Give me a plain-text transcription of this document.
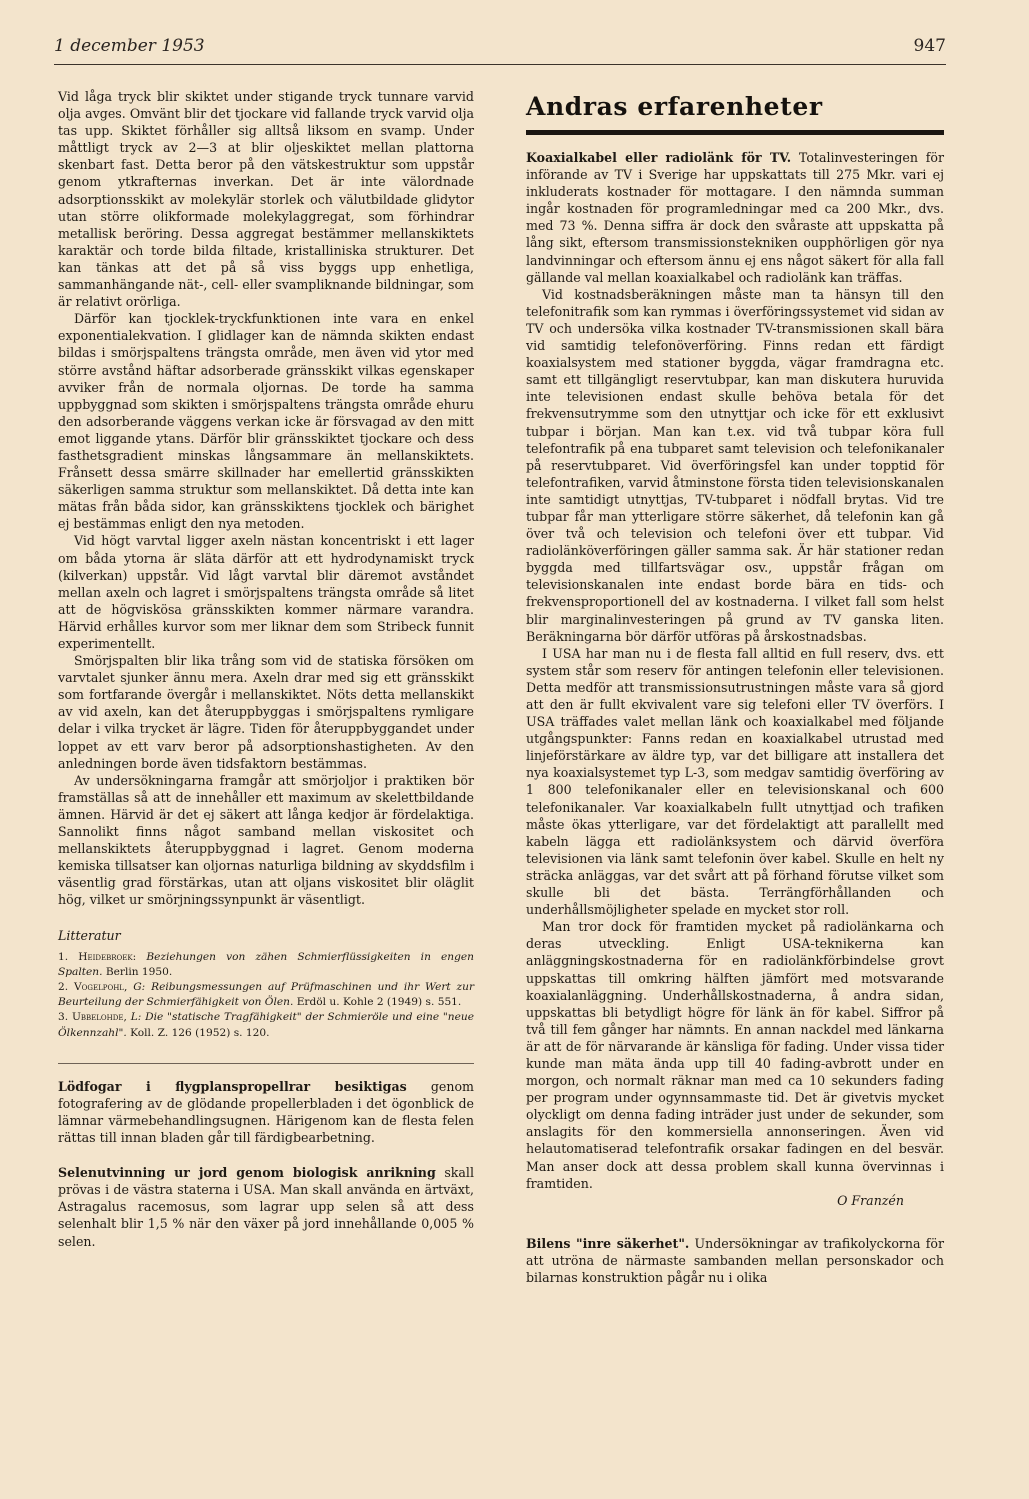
1 december 1953	947

Vid låga tryck blir skiktet under stigande tryck tunnare varvid olja avges. Omvänt blir det tjockare vid fallande tryck varvid olja tas upp. Skiktet förhåller sig alltså liksom en svamp. Under måttligt tryck av 2—3 at blir oljeskiktet mellan plattorna skenbart fast. Detta beror på den vätskestruktur som uppstår genom ytkrafternas inverkan. Det är inte välordnade adsorptionsskikt av molekylär storlek och välutbildade glidytor utan större olikformade molekylaggregat, som förhindrar metallisk beröring. Dessa aggregat bestämmer mellanskiktets karaktär och torde bilda filtade, kristalliniska strukturer. Det kan tänkas att det på så viss byggs upp enhetliga, sammanhängande nät-, cell- eller svampliknande bildningar, som är relativt orörliga.

Därför kan tjocklek-tryckfunktionen inte vara en enkel exponentialekvation. I glidlager kan de nämnda skikten endast bildas i smörjspaltens trängsta område, men även vid ytor med större avstånd häftar adsorberade gränsskikt vilkas egenskaper avviker från de normala oljornas. De torde ha samma uppbyggnad som skikten i smörjspaltens trängsta område ehuru den adsorberande väggens verkan icke är försvagad av den mitt emot liggande ytans. Därför blir gränsskiktet tjockare och dess fasthetsgradient minskas långsammare än mellanskiktets. Frånsett dessa smärre skillnader har emellertid gränsskikten säkerligen samma struktur som mellanskiktet. Då detta inte kan mätas från båda sidor, kan gränsskiktens tjocklek och bärighet ej bestämmas enligt den nya metoden.

Vid högt varvtal ligger axeln nästan koncentriskt i ett lager om båda ytorna är släta därför att ett hydrodynamiskt tryck (kilverkan) uppstår. Vid lågt varvtal blir däremot avståndet mellan axeln och lagret i smörjspaltens trängsta område så litet att de högviskösa gränsskikten kommer närmare varandra. Härvid erhålles kurvor som mer liknar dem som Stribeck funnit experimentellt.

Smörjspalten blir lika trång som vid de statiska försöken om varvtalet sjunker ännu mera. Axeln drar med sig ett gränsskikt som fortfarande övergår i mellanskiktet. Nöts detta mellanskikt av vid axeln, kan det återuppbyggas i smörjspaltens rymligare delar i vilka trycket är lägre. Tiden för återuppbyggandet under loppet av ett varv beror på adsorptionshastigheten. Av den anledningen borde även tidsfaktorn bestämmas.

Av undersökningarna framgår att smörjoljor i praktiken bör framställas så att de innehåller ett maximum av skelettbildande ämnen. Härvid är det ej säkert att långa kedjor är fördelaktiga. Sannolikt finns något samband mellan viskositet och mellanskiktets återuppbyggnad i lagret. Genom moderna kemiska tillsatser kan oljornas naturliga bildning av skyddsfilm i väsentlig grad förstärkas, utan att oljans viskositet blir oläglit hög, vilket ur smörjningssynpunkt är väsentligt.

Litteratur

1. Heidebroek: Beziehungen von zähen Schmierflüssigkeiten in engen Spalten. Berlin 1950.

2. Vogelpohl, G: Reibungsmessungen auf Prüfmaschinen und ihr Wert zur Beurteilung der Schmierfähigkeit von Ölen. Erdöl u. Kohle 2 (1949) s. 551.

3. Ubbelohde, L: Die "statische Tragfähigkeit" der Schmieröle und eine "neue Ölkennzahl". Koll. Z. 126 (1952) s. 120.

Lödfogar i flygplanspropellrar besiktigas genom fotografering av de glödande propellerbladen i det ögonblick de lämnar värmebehandlingsugnen. Härigenom kan de flesta felen rättas till innan bladen går till färdigbearbetning.

Selenutvinning ur jord genom biologisk anrikning skall prövas i de västra staterna i USA. Man skall använda en ärtväxt, Astragalus racemosus, som lagrar upp selen så att dess selenhalt blir 1,5 % när den växer på jord innehållande 0,005 % selen.

Andras erfarenheter

Koaxialkabel eller radiolänk för TV. Totalinvesteringen för införande av TV i Sverige har uppskattats till 275 Mkr. vari ej inkluderats kostnader för mottagare. I den nämnda summan ingår kostnaden för programledningar med ca 200 Mkr., dvs. med 73 %. Denna siffra är dock den svåraste att uppskatta på lång sikt, eftersom transmissionstekniken oupphörligen gör nya landvinningar och eftersom ännu ej ens något säkert för alla fall gällande val mellan koaxialkabel och radiolänk kan träffas.

Vid kostnadsberäkningen måste man ta hänsyn till den telefonitrafik som kan rymmas i överföringssystemet vid sidan av TV och undersöka vilka kostnader TV-transmissionen skall bära vid samtidig telefonöverföring. Finns redan ett färdigt koaxialsystem med stationer byggda, vägar framdragna etc. samt ett tillgängligt reservtubpar, kan man diskutera huruvida inte televisionen endast skulle behöva betala för det frekvensutrymme som den utnyttjar och icke för ett exklusivt tubpar i början. Man kan t.ex. vid två tubpar köra full telefontrafik på ena tubparet samt television och telefonikanaler på reservtubparet. Vid överföringsfel kan under topptid för telefontrafiken, varvid åtminstone första tiden televisionskanalen inte samtidigt utnyttjas, TV-tubparet i nödfall brytas. Vid tre tubpar får man ytterligare större säkerhet, då telefonin kan gå över två och television och telefoni över ett tubpar. Vid radiolänköverföringen gäller samma sak. Är här stationer redan byggda med tillfartsvägar osv., uppstår frågan om televisionskanalen inte endast borde bära en tids- och frekvensproportionell del av kostnaderna. I vilket fall som helst blir marginalinvesteringen på grund av TV ganska liten. Beräkningarna bör därför utföras på årskostnadsbas.

I USA har man nu i de flesta fall alltid en full reserv, dvs. ett system står som reserv för antingen telefonin eller televisionen. Detta medför att transmissionsutrustningen måste vara så gjord att den är fullt ekvivalent vare sig telefoni eller TV överförs. I USA träffades valet mellan länk och koaxialkabel med följande utgångspunkter: Fanns redan en koaxialkabel utrustad med linjeförstärkare av äldre typ, var det billigare att installera det nya koaxialsystemet typ L-3, som medgav samtidig överföring av 1 800 telefonikanaler eller en televisionskanal och 600 telefonikanaler. Var koaxialkabeln fullt utnyttjad och trafiken måste ökas ytterligare, var det fördelaktigt att parallellt med kabeln lägga ett radiolänksystem och därvid överföra televisionen via länk samt telefonin över kabel. Skulle en helt ny sträcka anläggas, var det svårt att på förhand förutse vilket som skulle bli det bästa. Terrängförhållanden och underhållsmöjligheter spelade en mycket stor roll.

Man tror dock för framtiden mycket på radiolänkarna och deras utveckling. Enligt USA-teknikerna kan anläggningskostnaderna för en radiolänkförbindelse grovt uppskattas till omkring hälften jämfört med motsvarande koaxialanläggning. Underhållskostnaderna, å andra sidan, uppskattas bli betydligt högre för länk än för kabel. Siffror på två till fem gånger har nämnts. En annan nackdel med länkarna är att de för närvarande är känsliga för fading. Under vissa tider kunde man mäta ända upp till 40 fading-avbrott under en morgon, och normalt räknar man med ca 10 sekunders fading per program under ogynnsammaste tid. Det är givetvis mycket olyckligt om denna fading inträder just under de sekunder, som anslagits för den kommersiella annonseringen. Även vid helautomatiserad telefontrafik orsakar fadingen en del besvär. Man anser dock att dessa problem skall kunna övervinnas i framtiden.

O Franzén

Bilens "inre säkerhet". Undersökningar av trafikolyckorna för att utröna de närmaste sambanden mellan personskador och bilarnas konstruktion pågår nu i olika
